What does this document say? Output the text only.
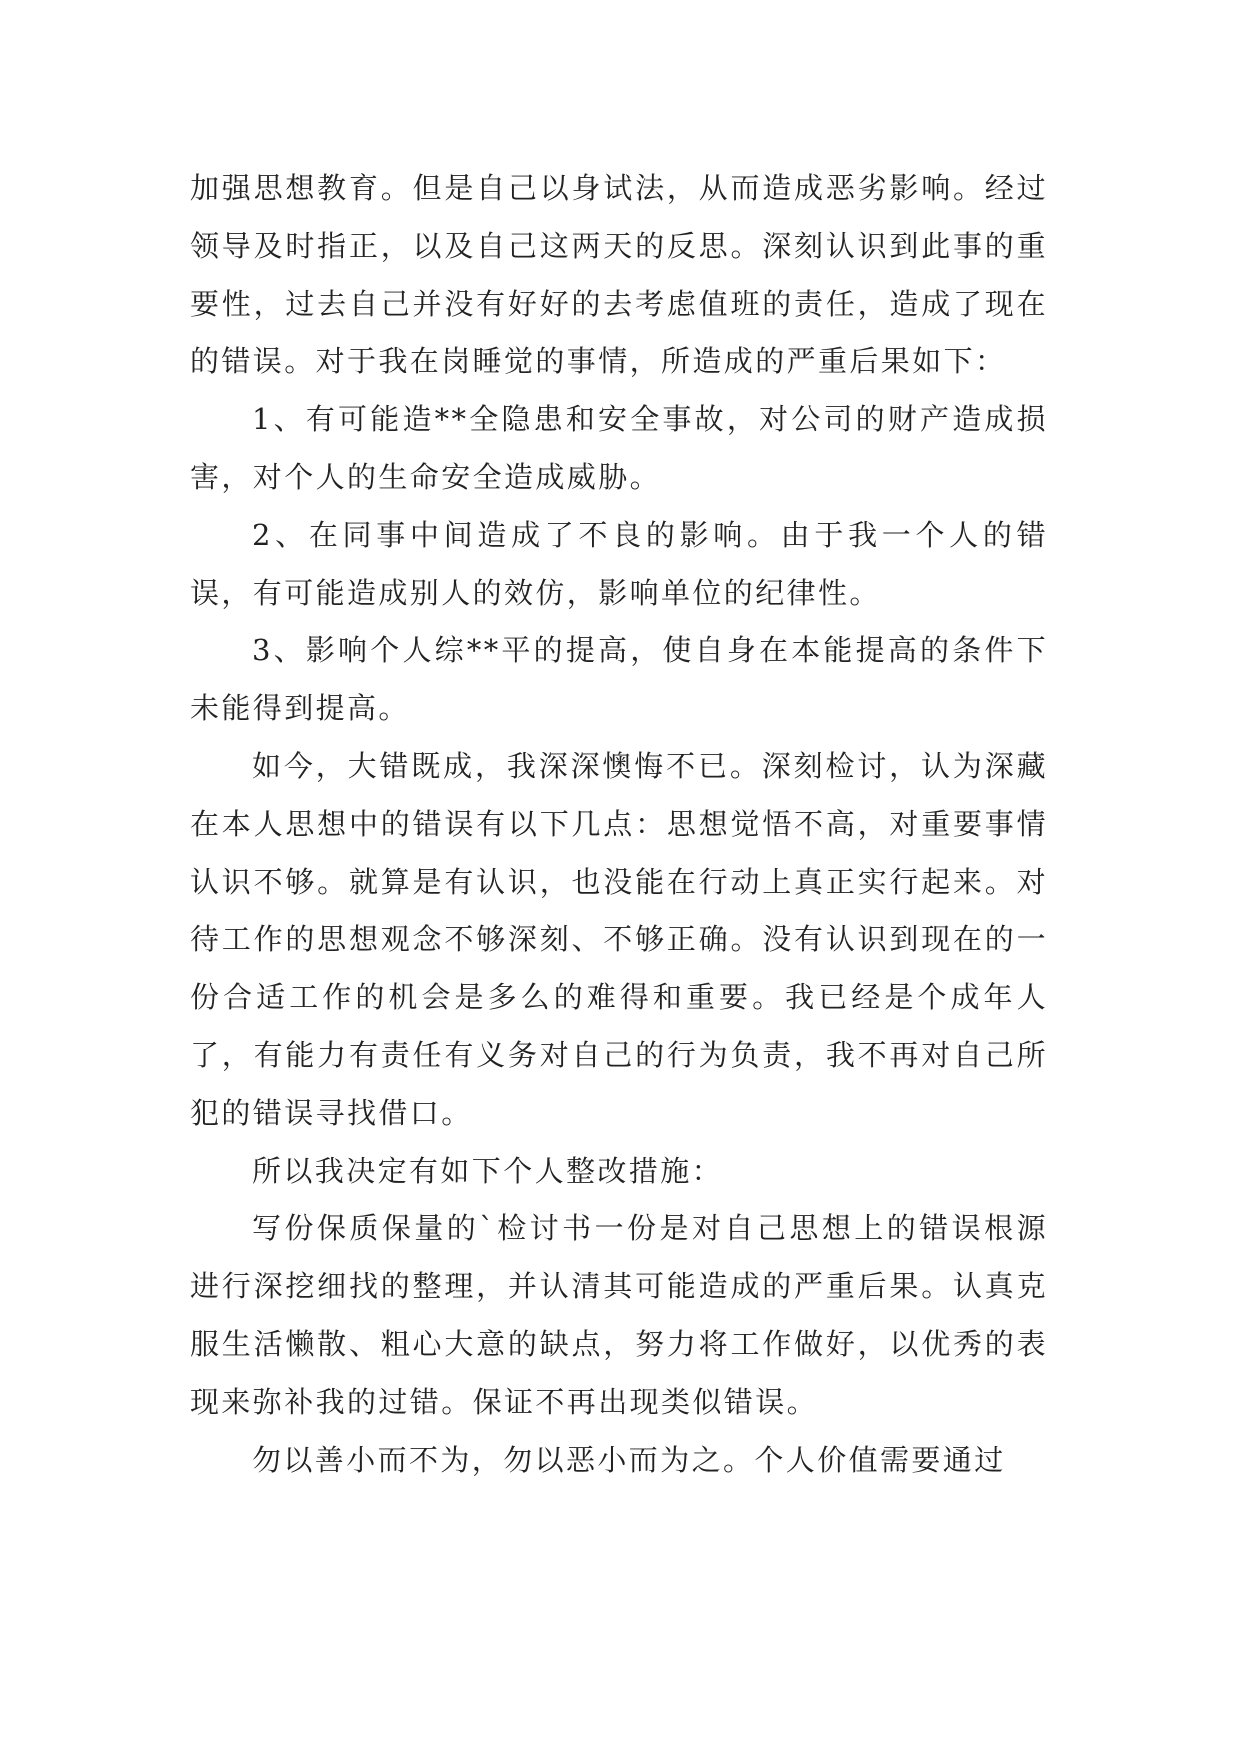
加强思想教育。但是自己以身试法，从而造成恶劣影响。经过领导及时指正，以及自己这两天的反思。深刻认识到此事的重要性，过去自己并没有好好的去考虑值班的责任，造成了现在的错误。对于我在岗睡觉的事情，所造成的严重后果如下：

1、有可能造**全隐患和安全事故，对公司的财产造成损害，对个人的生命安全造成威胁。

2、在同事中间造成了不良的影响。由于我一个人的错误，有可能造成别人的效仿，影响单位的纪律性。

3、影响个人综**平的提高，使自身在本能提高的条件下未能得到提高。

如今，大错既成，我深深懊悔不已。深刻检讨，认为深藏在本人思想中的错误有以下几点：思想觉悟不高，对重要事情认识不够。就算是有认识，也没能在行动上真正实行起来。对待工作的思想观念不够深刻、不够正确。没有认识到现在的一份合适工作的机会是多么的难得和重要。我已经是个成年人了，有能力有责任有义务对自己的行为负责，我不再对自己所犯的错误寻找借口。

所以我决定有如下个人整改措施：

写份保质保量的`检讨书一份是对自己思想上的错误根源进行深挖细找的整理，并认清其可能造成的严重后果。认真克服生活懒散、粗心大意的缺点，努力将工作做好，以优秀的表现来弥补我的过错。保证不再出现类似错误。

勿以善小而不为，勿以恶小而为之。个人价值需要通过
